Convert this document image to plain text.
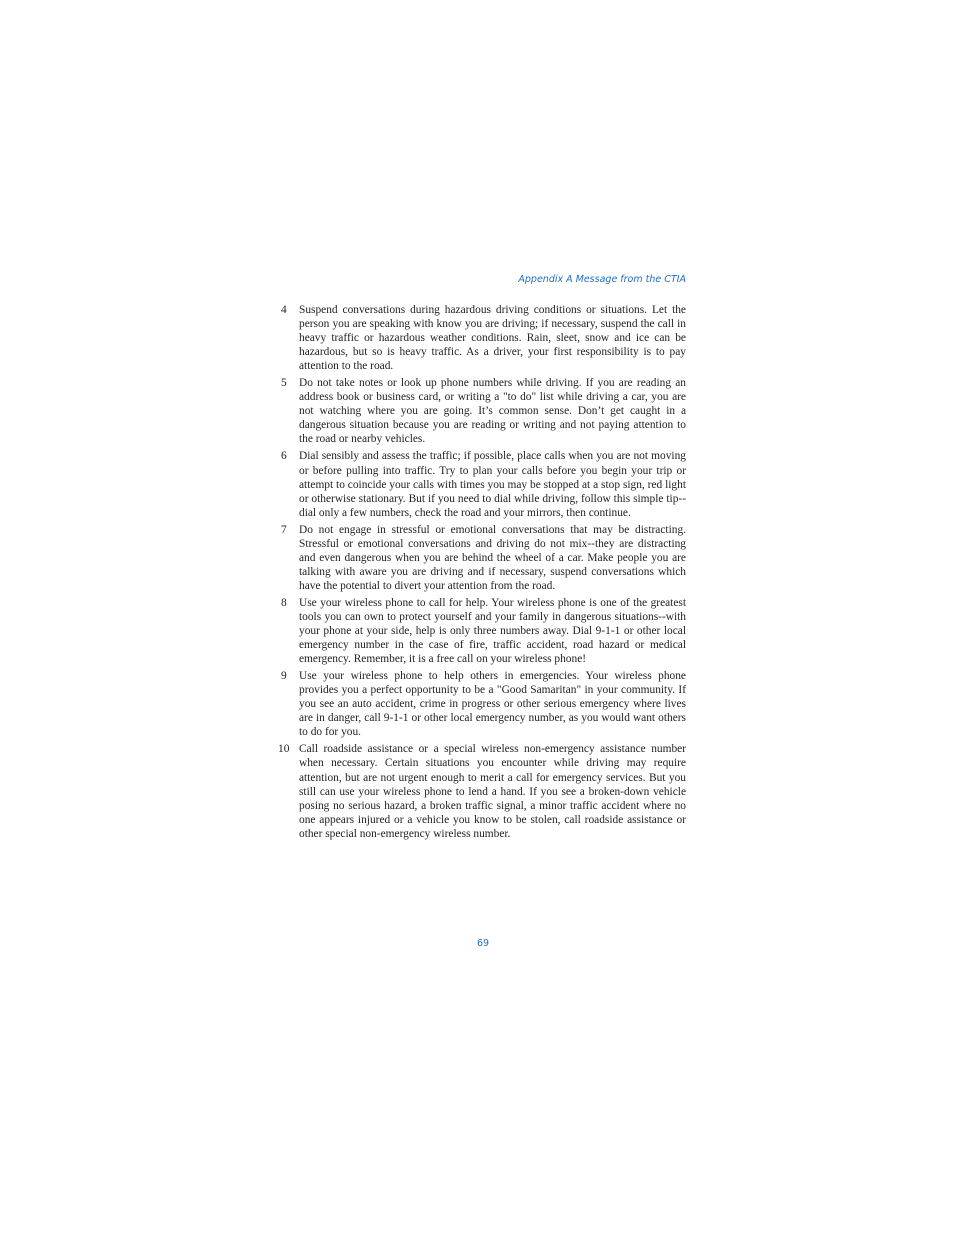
Appendix A Message from the CTIA
4	Suspend conversations during hazardous driving conditions or situations. Let the person you are speaking with know you are driving; if necessary, suspend the call in heavy traffic or hazardous weather conditions. Rain, sleet, snow and ice can be hazardous, but so is heavy traffic. As a driver, your first responsibility is to pay attention to the road.
5	Do not take notes or look up phone numbers while driving. If you are reading an address book or business card, or writing a "to do" list while driving a car, you are not watching where you are going. It’s common sense. Don’t get caught in a dangerous situation because you are reading or writing and not paying attention to the road or nearby vehicles.
6	Dial sensibly and assess the traffic; if possible, place calls when you are not moving or before pulling into traffic. Try to plan your calls before you begin your trip or attempt to coincide your calls with times you may be stopped at a stop sign, red light or otherwise stationary. But if you need to dial while driving, follow this simple tip--dial only a few numbers, check the road and your mirrors, then continue.
7	Do not engage in stressful or emotional conversations that may be distracting. Stressful or emotional conversations and driving do not mix--they are distracting and even dangerous when you are behind the wheel of a car. Make people you are talking with aware you are driving and if necessary, suspend conversations which have the potential to divert your attention from the road.
8	Use your wireless phone to call for help. Your wireless phone is one of the greatest tools you can own to protect yourself and your family in dangerous situations--with your phone at your side, help is only three numbers away. Dial 9-1-1 or other local emergency number in the case of fire, traffic accident, road hazard or medical emergency. Remember, it is a free call on your wireless phone!
9	Use your wireless phone to help others in emergencies. Your wireless phone provides you a perfect opportunity to be a "Good Samaritan" in your community. If you see an auto accident, crime in progress or other serious emergency where lives are in danger, call 9-1-1 or other local emergency number, as you would want others to do for you.
10 Call roadside assistance or a special wireless non-emergency assistance number when necessary. Certain situations you encounter while driving may require attention, but are not urgent enough to merit a call for emergency services. But you still can use your wireless phone to lend a hand. If you see a broken-down vehicle posing no serious hazard, a broken traffic signal, a minor traffic accident where no one appears injured or a vehicle you know to be stolen, call roadside assistance or other special non-emergency wireless number.
69
